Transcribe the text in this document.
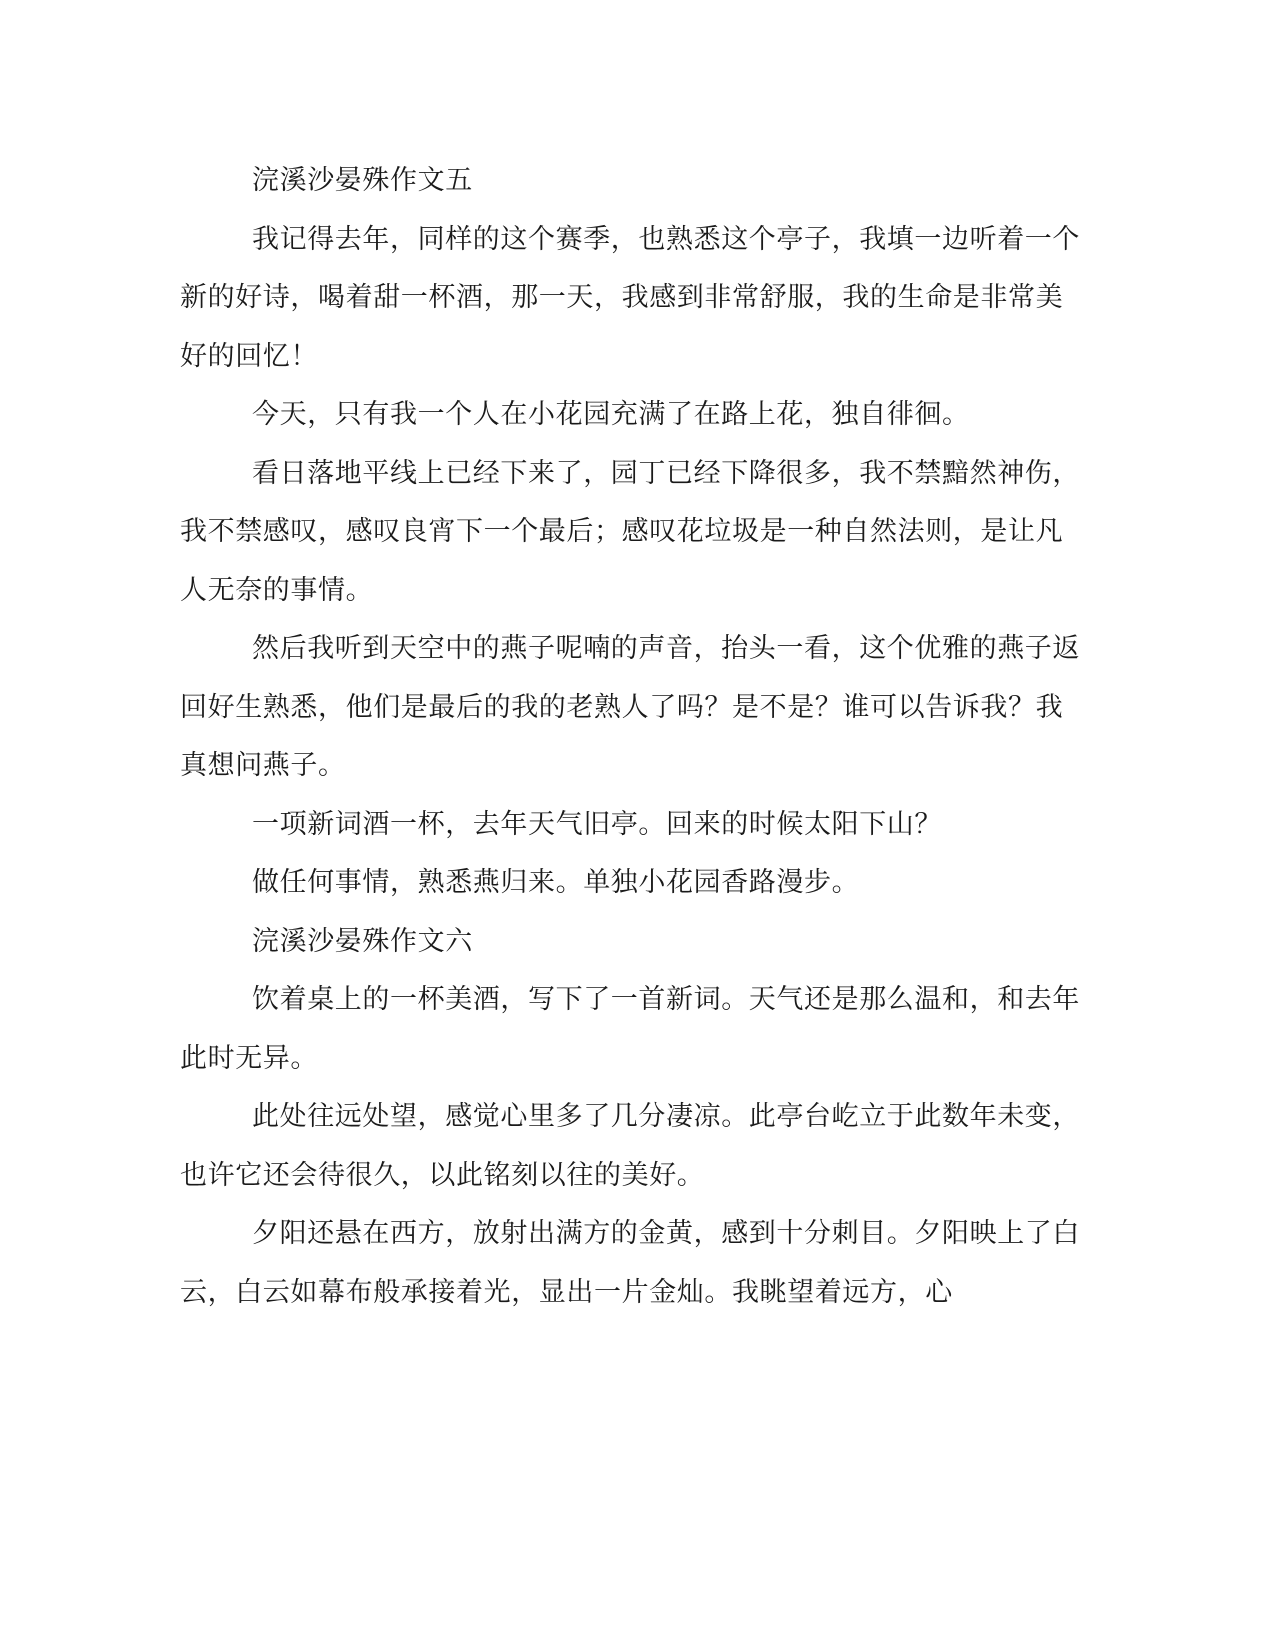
浣溪沙晏殊作文五

我记得去年，同样的这个赛季，也熟悉这个亭子，我填一边听着一个新的好诗，喝着甜一杯酒，那一天，我感到非常舒服，我的生命是非常美好的回忆！

今天，只有我一个人在小花园充满了在路上花，独自徘徊。

看日落地平线上已经下来了，园丁已经下降很多，我不禁黯然神伤，我不禁感叹，感叹良宵下一个最后；感叹花垃圾是一种自然法则，是让凡人无奈的事情。

然后我听到天空中的燕子呢喃的声音，抬头一看，这个优雅的燕子返回好生熟悉，他们是最后的我的老熟人了吗？是不是？谁可以告诉我？我真想问燕子。

一项新词酒一杯，去年天气旧亭。回来的时候太阳下山？

做任何事情，熟悉燕归来。单独小花园香路漫步。

浣溪沙晏殊作文六

饮着桌上的一杯美酒，写下了一首新词。天气还是那么温和，和去年此时无异。

此处往远处望，感觉心里多了几分凄凉。此亭台屹立于此数年未变，也许它还会待很久，以此铭刻以往的美好。

夕阳还悬在西方，放射出满方的金黄，感到十分刺目。夕阳映上了白云，白云如幕布般承接着光，显出一片金灿。我眺望着远方，心
